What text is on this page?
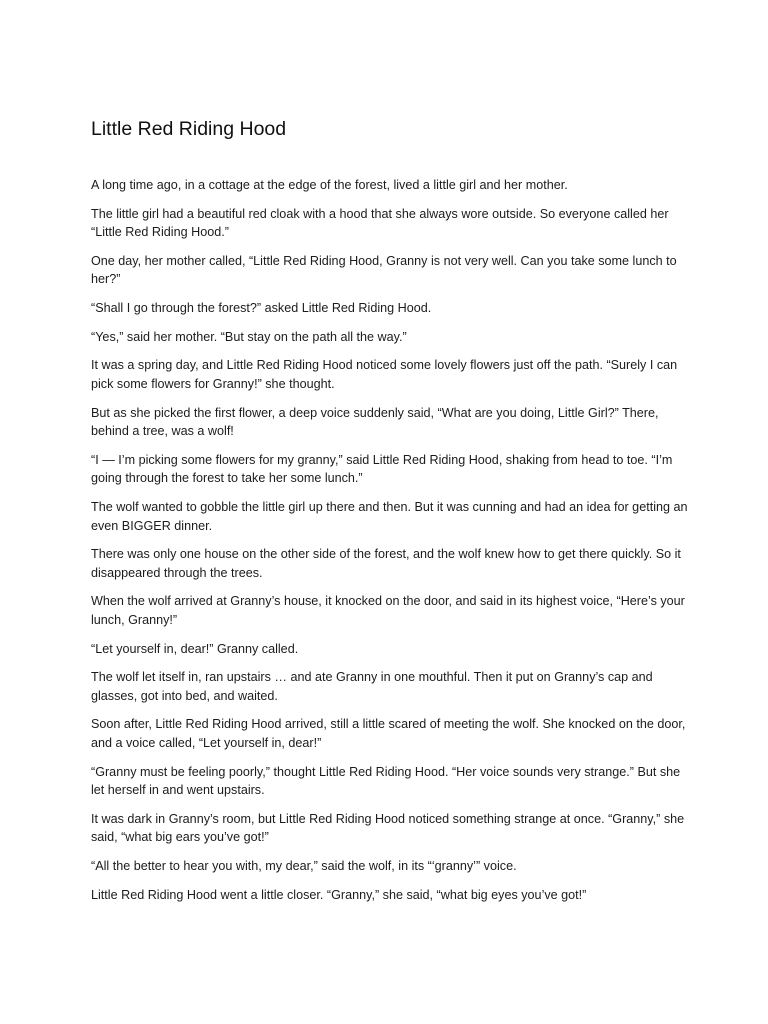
Little Red Riding Hood

A long time ago, in a cottage at the edge of the forest, lived a little girl and her mother.

The little girl had a beautiful red cloak with a hood that she always wore outside. So everyone called her “Little Red Riding Hood.”

One day, her mother called, “Little Red Riding Hood, Granny is not very well. Can you take some lunch to her?”

“Shall I go through the forest?” asked Little Red Riding Hood.

“Yes,” said her mother. “But stay on the path all the way.”

It was a spring day, and Little Red Riding Hood noticed some lovely flowers just off the path. “Surely I can pick some flowers for Granny!” she thought.

But as she picked the first flower, a deep voice suddenly said, “What are you doing, Little Girl?” There, behind a tree, was a wolf!

“I — I’m picking some flowers for my granny,” said Little Red Riding Hood, shaking from head to toe. “I’m going through the forest to take her some lunch.”

The wolf wanted to gobble the little girl up there and then. But it was cunning and had an idea for getting an even BIGGER dinner.

There was only one house on the other side of the forest, and the wolf knew how to get there quickly. So it disappeared through the trees.

When the wolf arrived at Granny’s house, it knocked on the door, and said in its highest voice, “Here’s your lunch, Granny!”

“Let yourself in, dear!” Granny called.

The wolf let itself in, ran upstairs … and ate Granny in one mouthful. Then it put on Granny’s cap and glasses, got into bed, and waited.

Soon after, Little Red Riding Hood arrived, still a little scared of meeting the wolf. She knocked on the door, and a voice called, “Let yourself in, dear!”

“Granny must be feeling poorly,” thought Little Red Riding Hood. “Her voice sounds very strange.” But she let herself in and went upstairs.

It was dark in Granny’s room, but Little Red Riding Hood noticed something strange at once. “Granny,” she said, “what big ears you’ve got!”

“All the better to hear you with, my dear,” said the wolf, in its “‘granny’” voice.

Little Red Riding Hood went a little closer. “Granny,” she said, “what big eyes you’ve got!”
